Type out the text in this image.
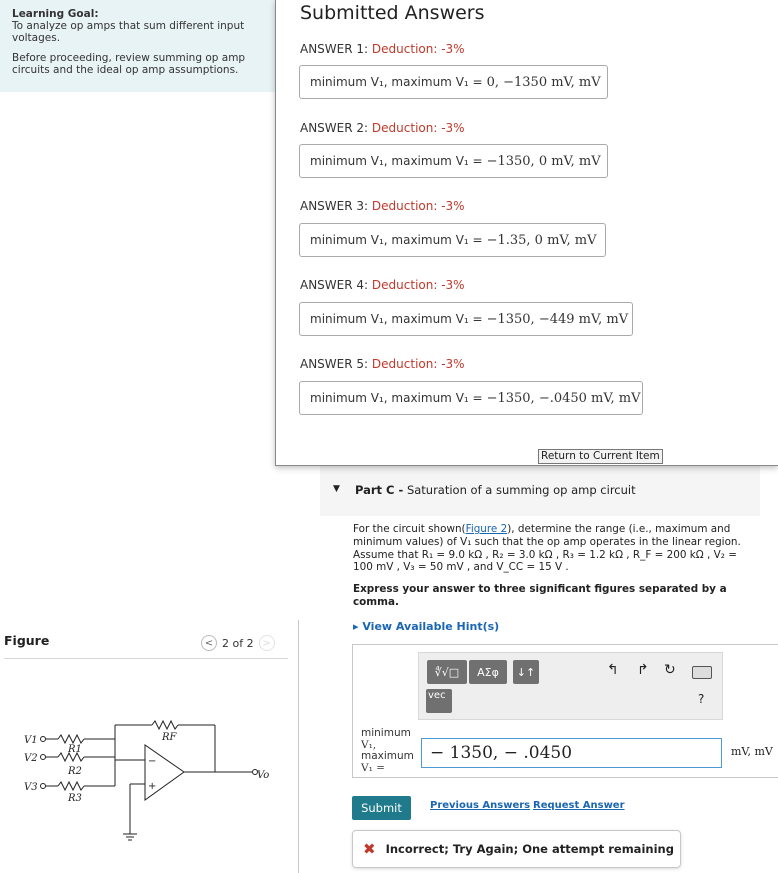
Learning Goal:

To analyze op amps that sum different input voltages.

Before proceeding, review summing op amp circuits and the ideal op amp assumptions.

Figure	< 2 of 2 >
V1
V2
V3
R1
R2
R3
RF
Vo
−
+
▼ Part C - Saturation of a summing op amp circuit
For the circuit shown(Figure 2), determine the range (i.e., maximum and minimum values) of V₁ such that the op amp operates in the linear region. Assume that R₁ = 9.0 kΩ , R₂ = 3.0 kΩ , R₃ = 1.2 kΩ , R_F = 200 kΩ , V₂ = 100 mV , V₃ = 50 mV , and V_CC = 15 V .
Express your answer to three significant figures separated by a comma.
▸ View Available Hint(s)
∜√□	ΑΣφ	↓↑
vec
↰ ↱ ↻
?
minimum
V₁,
maximum
V₁ =
− 1350, − .0450	mV, mV
Submit	Previous Answers Request Answer
✖ Incorrect; Try Again; One attempt remaining
Submitted Answers
ANSWER 1: Deduction: -3%
minimum V₁, maximum V₁ = 0, −1350 mV, mV
ANSWER 2: Deduction: -3%
minimum V₁, maximum V₁ = −1350, 0 mV, mV
ANSWER 3: Deduction: -3%
minimum V₁, maximum V₁ = −1.35, 0 mV, mV
ANSWER 4: Deduction: -3%
minimum V₁, maximum V₁ = −1350, −449 mV, mV
ANSWER 5: Deduction: -3%
minimum V₁, maximum V₁ = −1350, −.0450 mV, mV
Return to Current Item
